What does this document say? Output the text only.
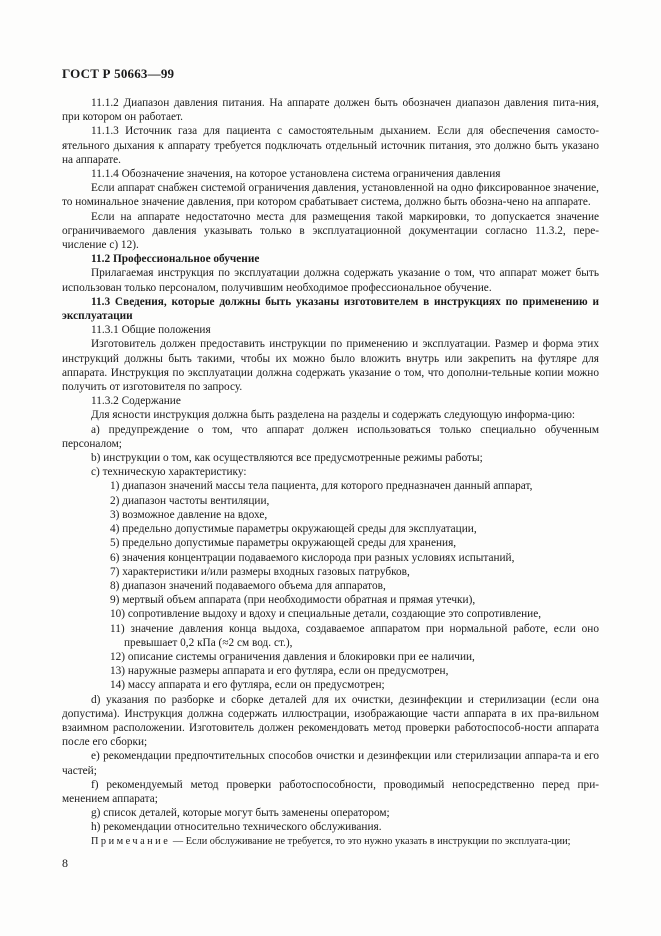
ГОСТ Р 50663—99

11.1.2 Диапазон давления питания. На аппарате должен быть обозначен диапазон давления пита-ния, при котором он работает.

11.1.3 Источник газа для пациента с самостоятельным дыханием. Если для обеспечения самосто-ятельного дыхания к аппарату требуется подключать отдельный источник питания, это должно быть указано на аппарате.

11.1.4 Обозначение значения, на которое установлена система ограничения давления

Если аппарат снабжен системой ограничения давления, установленной на одно фиксированное значение, то номинальное значение давления, при котором срабатывает система, должно быть обозна-чено на аппарате.

Если на аппарате недостаточно места для размещения такой маркировки, то допускается значение ограничиваемого давления указывать только в эксплуатационной документации согласно 11.3.2, пере-числение с) 12).

11.2 Профессиональное обучение

Прилагаемая инструкция по эксплуатации должна содержать указание о том, что аппарат может быть использован только персоналом, получившим необходимое профессиональное обучение.

11.3 Сведения, которые должны быть указаны изготовителем в инструкциях по применению и эксплуатации

11.3.1 Общие положения

Изготовитель должен предоставить инструкции по применению и эксплуатации. Размер и форма этих инструкций должны быть такими, чтобы их можно было вложить внутрь или закрепить на футляре для аппарата. Инструкция по эксплуатации должна содержать указание о том, что дополни-тельные копии можно получить от изготовителя по запросу.

11.3.2 Содержание

Для ясности инструкция должна быть разделена на разделы и содержать следующую информа-цию:

a) предупреждение о том, что аппарат должен использоваться только специально обученным персоналом;

b) инструкции о том, как осуществляются все предусмотренные режимы работы;

c) техническую характеристику:

1) диапазон значений массы тела пациента, для которого предназначен данный аппарат,

2) диапазон частоты вентиляции,

3) возможное давление на вдохе,

4) предельно допустимые параметры окружающей среды для эксплуатации,

5) предельно допустимые параметры окружающей среды для хранения,

6) значения концентрации подаваемого кислорода при разных условиях испытаний,

7) характеристики и/или размеры входных газовых патрубков,

8) диапазон значений подаваемого объема для аппаратов,

9) мертвый объем аппарата (при необходимости обратная и прямая утечки),

10) сопротивление выдоху и вдоху и специальные детали, создающие это сопротивление,

11) значение давления конца выдоха, создаваемое аппаратом при нормальной работе, если оно превышает 0,2 кПа (≈2 см вод. ст.),

12) описание системы ограничения давления и блокировки при ее наличии,

13) наружные размеры аппарата и его футляра, если он предусмотрен,

14) массу аппарата и его футляра, если он предусмотрен;

d) указания по разборке и сборке деталей для их очистки, дезинфекции и стерилизации (если она допустима). Инструкция должна содержать иллюстрации, изображающие части аппарата в их пра-вильном взаимном расположении. Изготовитель должен рекомендовать метод проверки работоспособ-ности аппарата после его сборки;

e) рекомендации предпочтительных способов очистки и дезинфекции или стерилизации аппара-та и его частей;

f) рекомендуемый метод проверки работоспособности, проводимый непосредственно перед при-менением аппарата;

g) список деталей, которые могут быть заменены оператором;

h) рекомендации относительно технического обслуживания.

Примечание — Если обслуживание не требуется, то это нужно указать в инструкции по эксплуата-ции;

8
